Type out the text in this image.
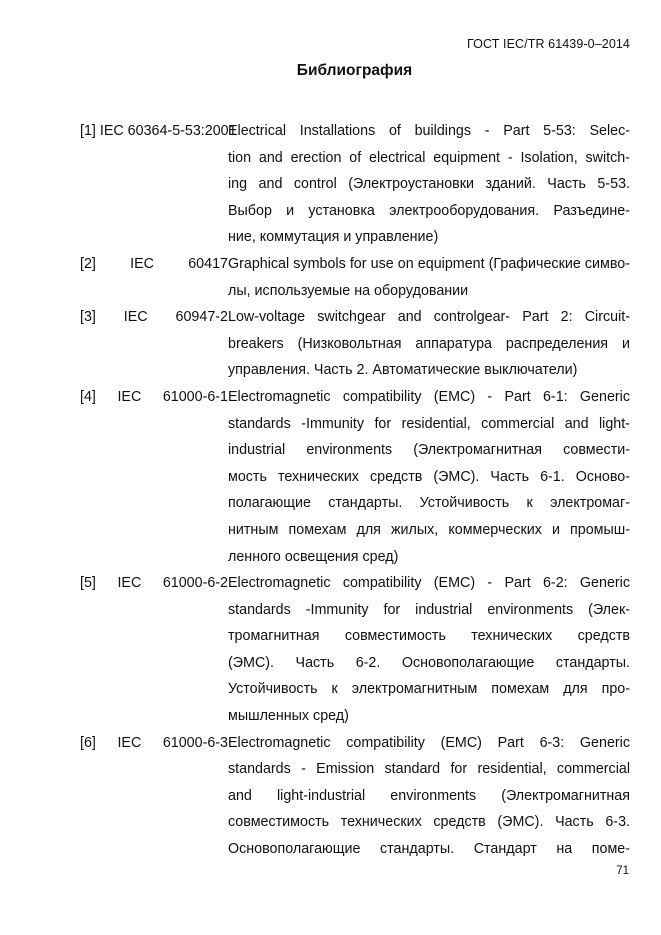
ГОСТ IEC/TR 61439-0–2014
Библиография
[1] IEC 60364-5-53:2001
Electrical Installations of buildings - Part 5-53: Selec-
tion and erection of electrical equipment - Isolation, switch-
ing and control (Электроустановки зданий. Часть 5-53.
Выбор и установка электрооборудования. Разъедине-
ние, коммутация и управление)
[2] IEC 60417 Graphical symbols for use on equipment (Графические симво-
лы, используемые на оборудовании
[3] IEC 60947-2 Low-voltage switchgear and controlgear- Part 2: Circuit-
breakers (Низковольтная аппаратура распределения и
управления. Часть 2. Автоматические выключатели)
[4] IEC 61000-6-1 Electromagnetic compatibility (EMC) - Part 6-1: Generic
standards -Immunity for residential, commercial and light-
industrial environments (Электромагнитная совмести-
мость технических средств (ЭМС). Часть 6-1. Осново-
полагающие стандарты. Устойчивость к электромаг-
нитным помехам для жилых, коммерческих и промыш-
ленного освещения сред)
[5] IEC 61000-6-2 Electromagnetic compatibility (EMC) - Part 6-2: Generic
standards -Immunity for industrial environments (Элек-
тромагнитная совместимость технических средств
(ЭМС). Часть 6-2. Основополагающие стандарты.
Устойчивость к электромагнитным помехам для про-
мышленных сред)
[6] IEC 61000-6-3 Electromagnetic compatibility (EMC) Part 6-3: Generic
standards - Emission standard for residential, commercial
and light-industrial environments (Электромагнитная
совместимость технических средств (ЭМС). Часть 6-3.
Основополагающие стандарты. Стандарт на поме-
71
